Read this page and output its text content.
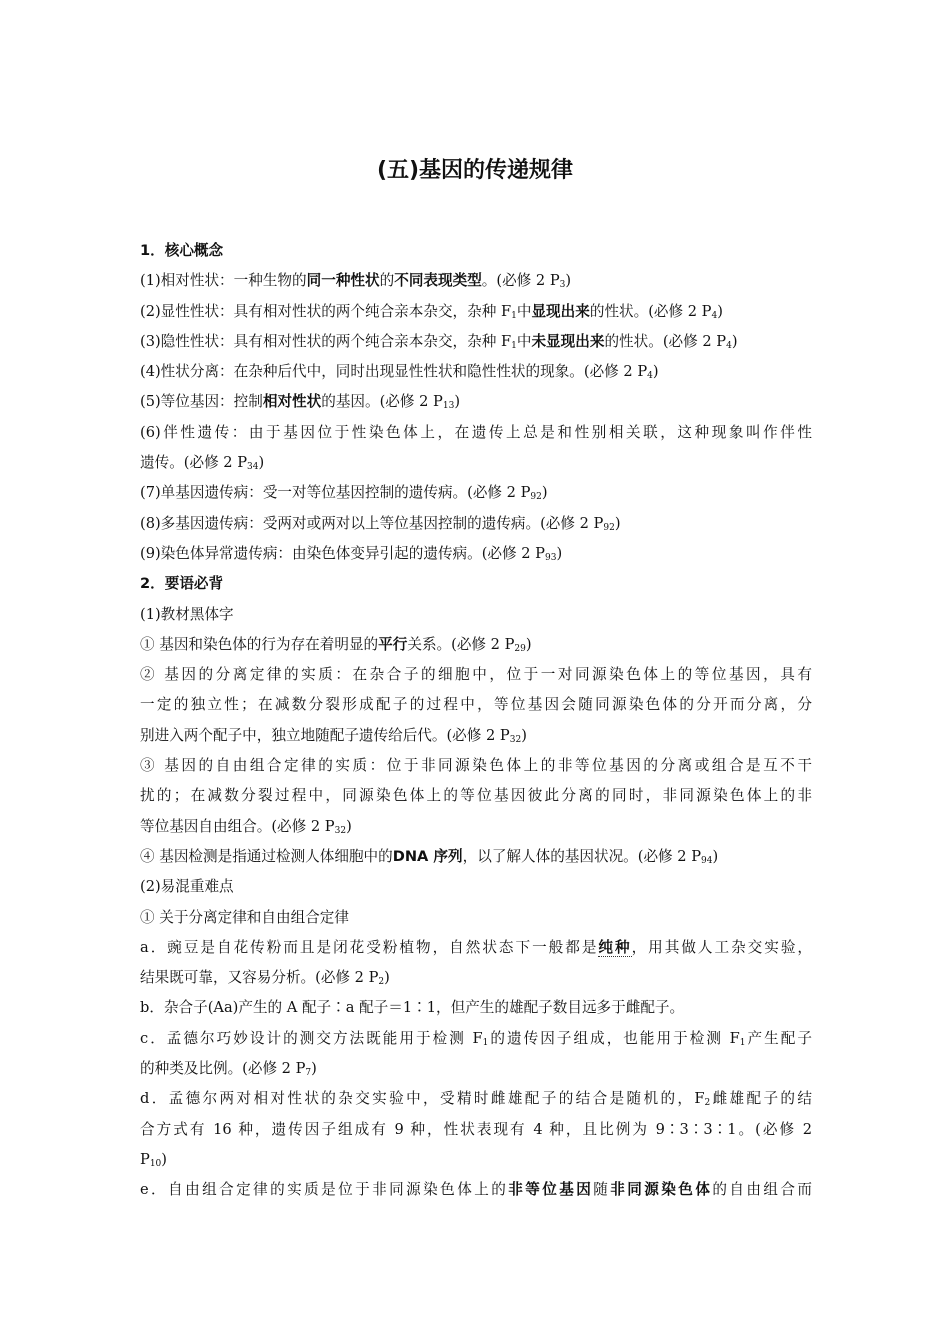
(五)基因的传递规律
1．核心概念
(1)相对性状：一种生物的同一种性状的不同表现类型。(必修 2 $P_3$)
(2)显性性状：具有相对性状的两个纯合亲本杂交，杂种 $F_1$中显现出来的性状。(必修 2 $P_4$)
(3)隐性性状：具有相对性状的两个纯合亲本杂交，杂种 $F_1$中未显现出来的性状。(必修 2 $P_4$)
(4)性状分离：在杂种后代中，同时出现显性性状和隐性性状的现象。(必修 2 $P_4$)
(5)等位基因：控制相对性状的基因。(必修 2 $P_{13}$)
(6)伴性遗传：由于基因位于性染色体上，在遗传上总是和性别相关联，这种现象叫作伴性
遗传。(必修 2 $P_{34}$)
(7)单基因遗传病：受一对等位基因控制的遗传病。(必修 2 $P_{92}$)
(8)多基因遗传病：受两对或两对以上等位基因控制的遗传病。(必修 2 $P_{92}$)
(9)染色体异常遗传病：由染色体变异引起的遗传病。(必修 2 $P_{93}$)
2．要语必背
(1)教材黑体字
① 基因和染色体的行为存在着明显的平行关系。(必修 2 $P_{29}$)
② 基因的分离定律的实质：在杂合子的细胞中，位于一对同源染色体上的等位基因，具有
一定的独立性；在减数分裂形成配子的过程中，等位基因会随同源染色体的分开而分离，分
别进入两个配子中，独立地随配子遗传给后代。(必修 2 $P_{32}$)
③ 基因的自由组合定律的实质：位于非同源染色体上的非等位基因的分离或组合是互不干
扰的；在减数分裂过程中，同源染色体上的等位基因彼此分离的同时，非同源染色体上的非
等位基因自由组合。(必修 2 $P_{32}$)
④ 基因检测是指通过检测人体细胞中的DNA 序列，以了解人体的基因状况。(必修 2 $P_{94}$)
(2)易混重难点
① 关于分离定律和自由组合定律
a．豌豆是自花传粉而且是闭花受粉植物，自然状态下一般都是纯种，用其做人工杂交实验，
结果既可靠，又容易分析。(必修 2 $P_2$)
b．杂合子(Aa)产生的 A 配子∶a 配子＝1∶1，但产生的雄配子数目远多于雌配子。
c．孟德尔巧妙设计的测交方法既能用于检测 $F_1$的遗传因子组成，也能用于检测 $F_1$产生配子
的种类及比例。(必修 2 $P_7$)
d．孟德尔两对相对性状的杂交实验中，受精时雌雄配子的结合是随机的，$F_2$雌雄配子的结
合方式有 16 种，遗传因子组成有 9 种，性状表现有 4 种，且比例为 9∶3∶3∶1。(必修 2
$P_{10}$)
e．自由组合定律的实质是位于非同源染色体上的非等位基因随非同源染色体的自由组合而
